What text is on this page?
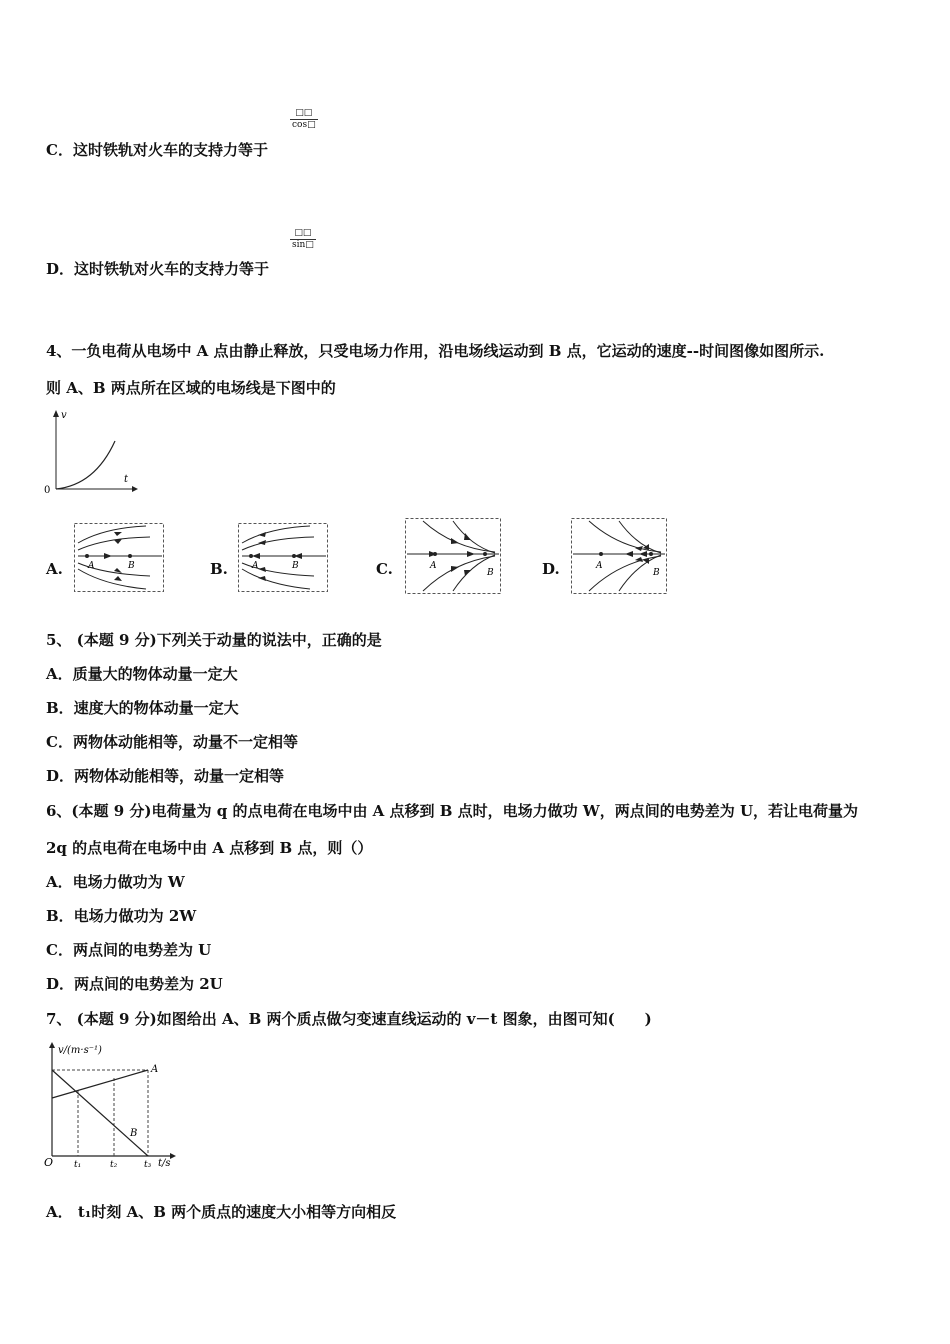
C．这时铁轨对火车的支持力等于
□□
cos□
D．这时铁轨对火车的支持力等于
□□
sin□
4、一负电荷从电场中 A 点由静止释放，只受电场力作用，沿电场线运动到 B 点，它运动的速度--时间图像如图所示.
则 A、B 两点所在区域的电场线是下图中的
v
t
0
A.	B.	C.	D.
A	B	A	B	A
B
A
B
5、 (本题 9 分)下列关于动量的说法中，正确的是
A．质量大的物体动量一定大
B．速度大的物体动量一定大
C．两物体动能相等，动量不一定相等
D．两物体动能相等，动量一定相等
6、(本题 9 分)电荷量为 q 的点电荷在电场中由 A 点移到 B 点时，电场力做功 W，两点间的电势差为 U，若让电荷量为
2q 的点电荷在电场中由 A 点移到 B 点，则（）
A．电场力做功为 W
B．电场力做功为 2W
C．两点间的电势差为 U
D．两点间的电势差为 2U
7、 (本题 9 分)如图给出 A、B 两个质点做匀变速直线运动的 v－t 图象，由图可知(　　)
v/(m·s⁻¹)
t/s
O t₁	t₂	t₃
A
B
A． t₁时刻 A、B 两个质点的速度大小相等方向相反
